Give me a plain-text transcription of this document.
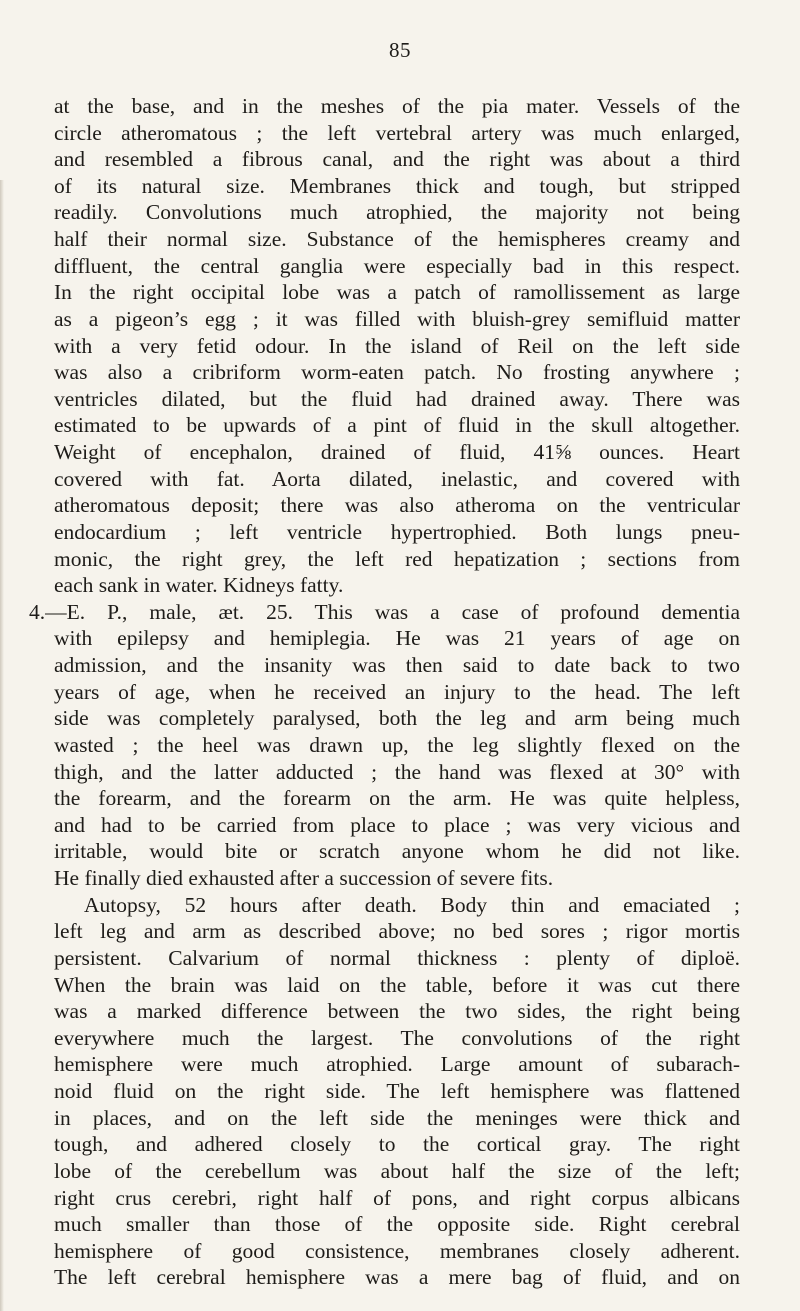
85
at the base, and in the meshes of the pia mater. Vessels of the
circle atheromatous ; the left vertebral artery was much enlarged,
and resembled a fibrous canal, and the right was about a third
of its natural size. Membranes thick and tough, but stripped
readily. Convolutions much atrophied, the majority not being
half their normal size. Substance of the hemispheres creamy and
diffluent, the central ganglia were especially bad in this respect.
In the right occipital lobe was a patch of ramollissement as large
as a pigeon’s egg ; it was filled with bluish-grey semifluid matter
with a very fetid odour. In the island of Reil on the left side
was also a cribriform worm-eaten patch. No frosting anywhere ;
ventricles dilated, but the fluid had drained away. There was
estimated to be upwards of a pint of fluid in the skull altogether.
Weight of encephalon, drained of fluid, 41⅝ ounces. Heart
covered with fat. Aorta dilated, inelastic, and covered with
atheromatous deposit; there was also atheroma on the ventricular
endocardium ; left ventricle hypertrophied. Both lungs pneu-
monic, the right grey, the left red hepatization ; sections from
each sank in water. Kidneys fatty.
4.—E. P., male, æt. 25. This was a case of profound dementia
with epilepsy and hemiplegia. He was 21 years of age on
admission, and the insanity was then said to date back to two
years of age, when he received an injury to the head. The left
side was completely paralysed, both the leg and arm being much
wasted ; the heel was drawn up, the leg slightly flexed on the
thigh, and the latter adducted ; the hand was flexed at 30° with
the forearm, and the forearm on the arm. He was quite helpless,
and had to be carried from place to place ; was very vicious and
irritable, would bite or scratch anyone whom he did not like.
He finally died exhausted after a succession of severe fits.
Autopsy, 52 hours after death. Body thin and emaciated ;
left leg and arm as described above; no bed sores ; rigor mortis
persistent. Calvarium of normal thickness : plenty of diploë.
When the brain was laid on the table, before it was cut there
was a marked difference between the two sides, the right being
everywhere much the largest. The convolutions of the right
hemisphere were much atrophied. Large amount of subarach-
noid fluid on the right side. The left hemisphere was flattened
in places, and on the left side the meninges were thick and
tough, and adhered closely to the cortical gray. The right
lobe of the cerebellum was about half the size of the left;
right crus cerebri, right half of pons, and right corpus albicans
much smaller than those of the opposite side. Right cerebral
hemisphere of good consistence, membranes closely adherent.
The left cerebral hemisphere was a mere bag of fluid, and on
